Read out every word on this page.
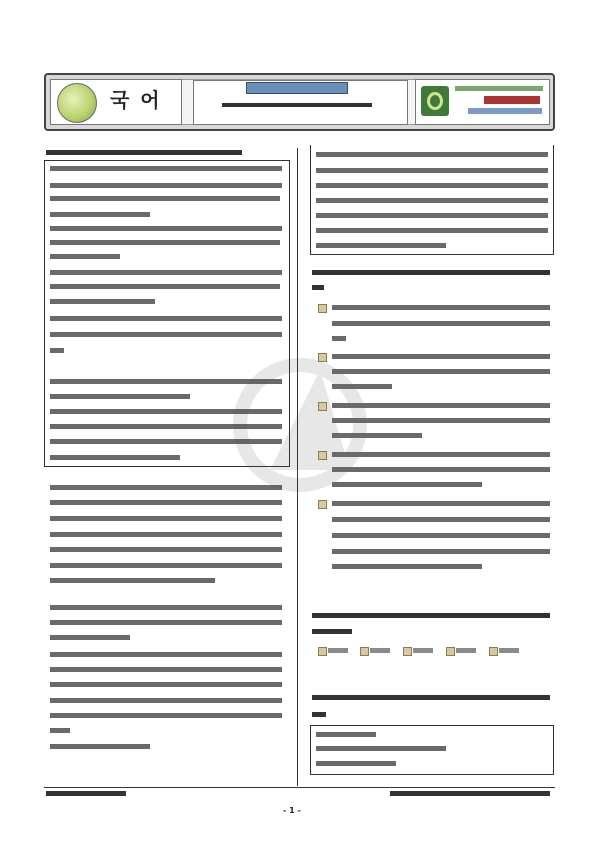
국 어
- 1 -
